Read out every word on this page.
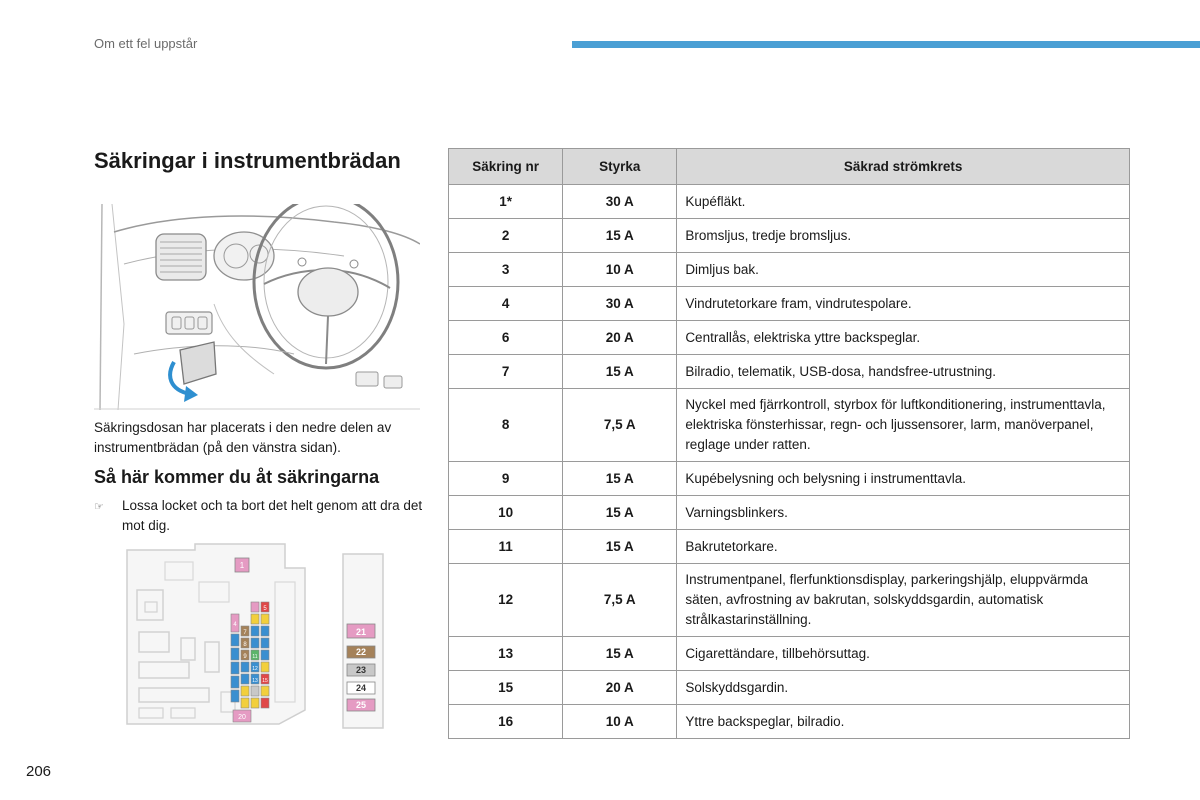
Om ett fel uppstår
Säkringar i instrumentbrädan
Säkringsdosan har placerats i den nedre delen av instrumentbrädan (på den vänstra sidan).
Så här kommer du åt säkringarna
☞	Lossa locket och ta bort det helt genom att dra det mot dig.
1
4
7
8
9 11
12
13
5
15
20
21
22
23
24
25
Säkring nr	Styrka	Säkrad strömkrets
1*	30 A	Kupéfläkt.
2	15 A	Bromsljus, tredje bromsljus.
3	10 A	Dimljus bak.
4	30 A	Vindrutetorkare fram, vindrutespolare.
6	20 A	Centrallås, elektriska yttre backspeglar.
7	15 A	Bilradio, telematik, USB-dosa, handsfree-utrustning.
8	7,5 A	Nyckel med fjärrkontroll, styrbox för luftkonditionering, instrumenttavla, elektriska fönsterhissar, regn- och ljussensorer, larm, manöverpanel, reglage under ratten.
9	15 A	Kupébelysning och belysning i instrumenttavla.
10	15 A	Varningsblinkers.
11	15 A	Bakrutetorkare.
12	7,5 A	Instrumentpanel, flerfunktionsdisplay, parkeringshjälp, eluppvärmda säten, avfrostning av bakrutan, solskyddsgardin, automatisk strålkastarinställning.
13	15 A	Cigarettändare, tillbehörsuttag.
15	20 A	Solskyddsgardin.
16	10 A	Yttre backspeglar, bilradio.
206
